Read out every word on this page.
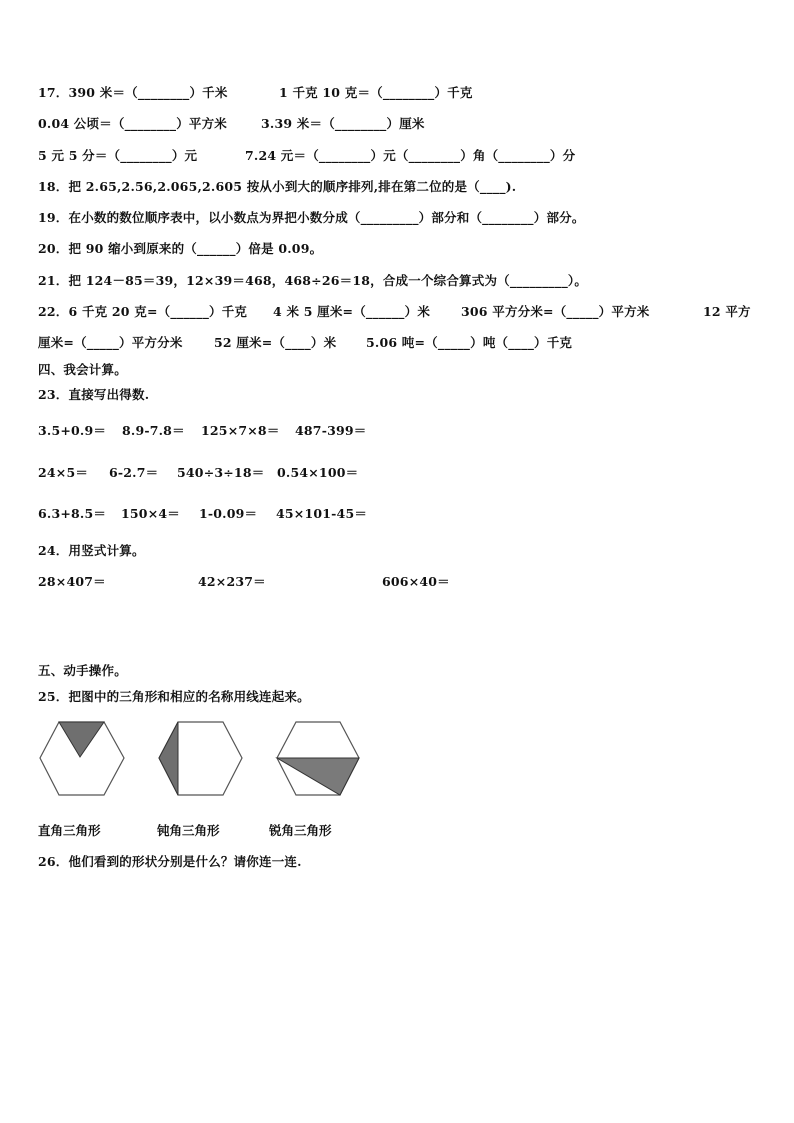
17．390 米＝（________）千米	1 千克 10 克＝（________）千克
0.04 公顷＝（________）平方米	3.39 米＝（________）厘米
5 元 5 分＝（________）元	7.24 元＝（________）元（________）角（________）分
18．把 2.65,2.56,2.065,2.605 按从小到大的顺序排列,排在第二位的是（____).
19．在小数的数位顺序表中，以小数点为界把小数分成（_________）部分和（________）部分。
20．把 90 缩小到原来的（______）倍是 0.09。
21．把 124－85＝39，12×39＝468，468÷26＝18，合成一个综合算式为（_________）。
22．6 千克 20 克=（______）千克 4 米 5 厘米=（______）米 306 平方分米=（_____）平方米	12 平方
厘米=（_____）平方分米	52 厘米=（____）米 5.06 吨=（_____）吨（____）千克
四、我会计算。
23．直接写出得数.
3.5+0.9＝ 8.9-7.8＝ 125×7×8＝ 487-399＝
24×5＝ 6-2.7＝ 540÷3÷18＝ 0.54×100＝
6.3+8.5＝ 150×4＝ 1-0.09＝ 45×101-45＝
24．用竖式计算。
28×407＝	42×237＝	606×40＝
五、动手操作。
25．把图中的三角形和相应的名称用线连起来。
直角三角形	钝角三角形	锐角三角形
26．他们看到的形状分别是什么？请你连一连.
